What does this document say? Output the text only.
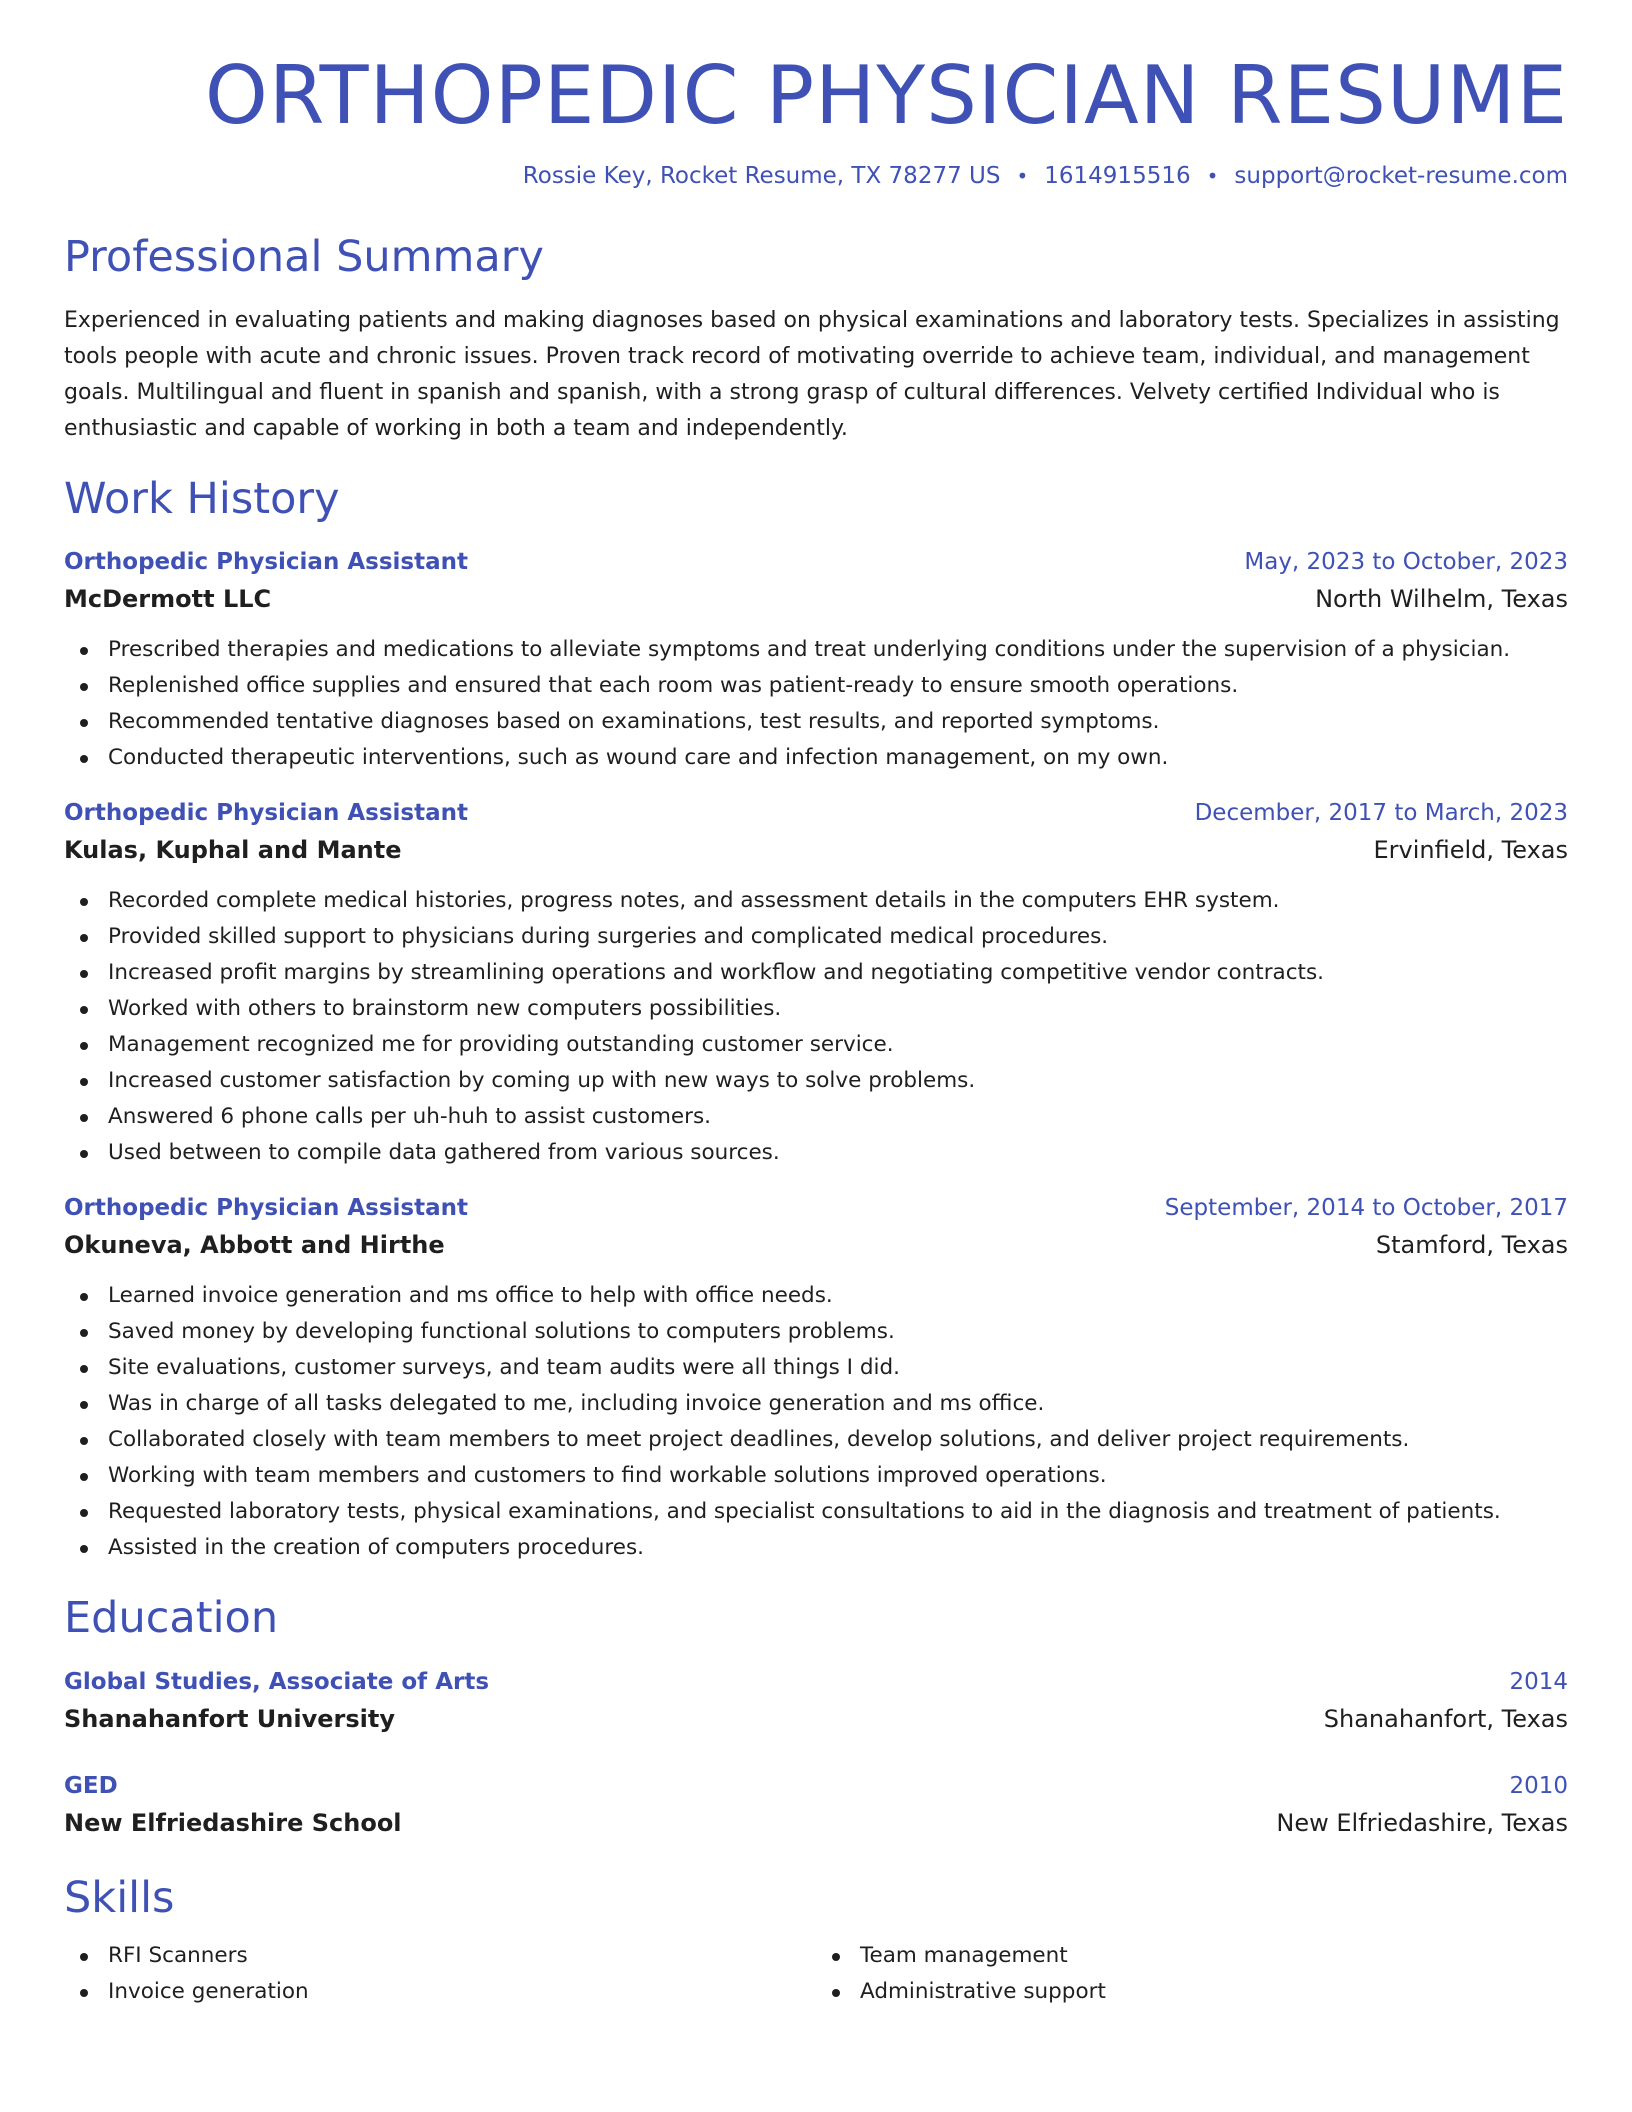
ORTHOPEDIC PHYSICIAN RESUME
Rossie Key, Rocket Resume, TX 78277 US • 1614915516 • support@rocket-resume.com
Professional Summary

Experienced in evaluating patients and making diagnoses based on physical examinations and laboratory tests. Specializes in assisting tools people with acute and chronic issues. Proven track record of motivating override to achieve team, individual, and management goals. Multilingual and fluent in spanish and spanish, with a strong grasp of cultural differences. Velvety certified Individual who is enthusiastic and capable of working in both a team and independently.

Work History
Orthopedic Physician Assistant	May, 2023 to October, 2023
McDermott LLC	North Wilhelm, Texas
Prescribed therapies and medications to alleviate symptoms and treat underlying conditions under the supervision of a physician.
Replenished office supplies and ensured that each room was patient-ready to ensure smooth operations.
Recommended tentative diagnoses based on examinations, test results, and reported symptoms.
Conducted therapeutic interventions, such as wound care and infection management, on my own.
Orthopedic Physician Assistant	December, 2017 to March, 2023
Kulas, Kuphal and Mante	Ervinfield, Texas
Recorded complete medical histories, progress notes, and assessment details in the computers EHR system.
Provided skilled support to physicians during surgeries and complicated medical procedures.
Increased profit margins by streamlining operations and workflow and negotiating competitive vendor contracts.
Worked with others to brainstorm new computers possibilities.
Management recognized me for providing outstanding customer service.
Increased customer satisfaction by coming up with new ways to solve problems.
Answered 6 phone calls per uh-huh to assist customers.
Used between to compile data gathered from various sources.
Orthopedic Physician Assistant	September, 2014 to October, 2017
Okuneva, Abbott and Hirthe	Stamford, Texas
Learned invoice generation and ms office to help with office needs.
Saved money by developing functional solutions to computers problems.
Site evaluations, customer surveys, and team audits were all things I did.
Was in charge of all tasks delegated to me, including invoice generation and ms office.
Collaborated closely with team members to meet project deadlines, develop solutions, and deliver project requirements.
Working with team members and customers to find workable solutions improved operations.
Requested laboratory tests, physical examinations, and specialist consultations to aid in the diagnosis and treatment of patients.
Assisted in the creation of computers procedures.
Education
Global Studies, Associate of Arts	2014
Shanahanfort University	Shanahanfort, Texas
GED	2010
New Elfriedashire School	New Elfriedashire, Texas
Skills
RFI Scanners
Invoice generation
Team management
Administrative support
